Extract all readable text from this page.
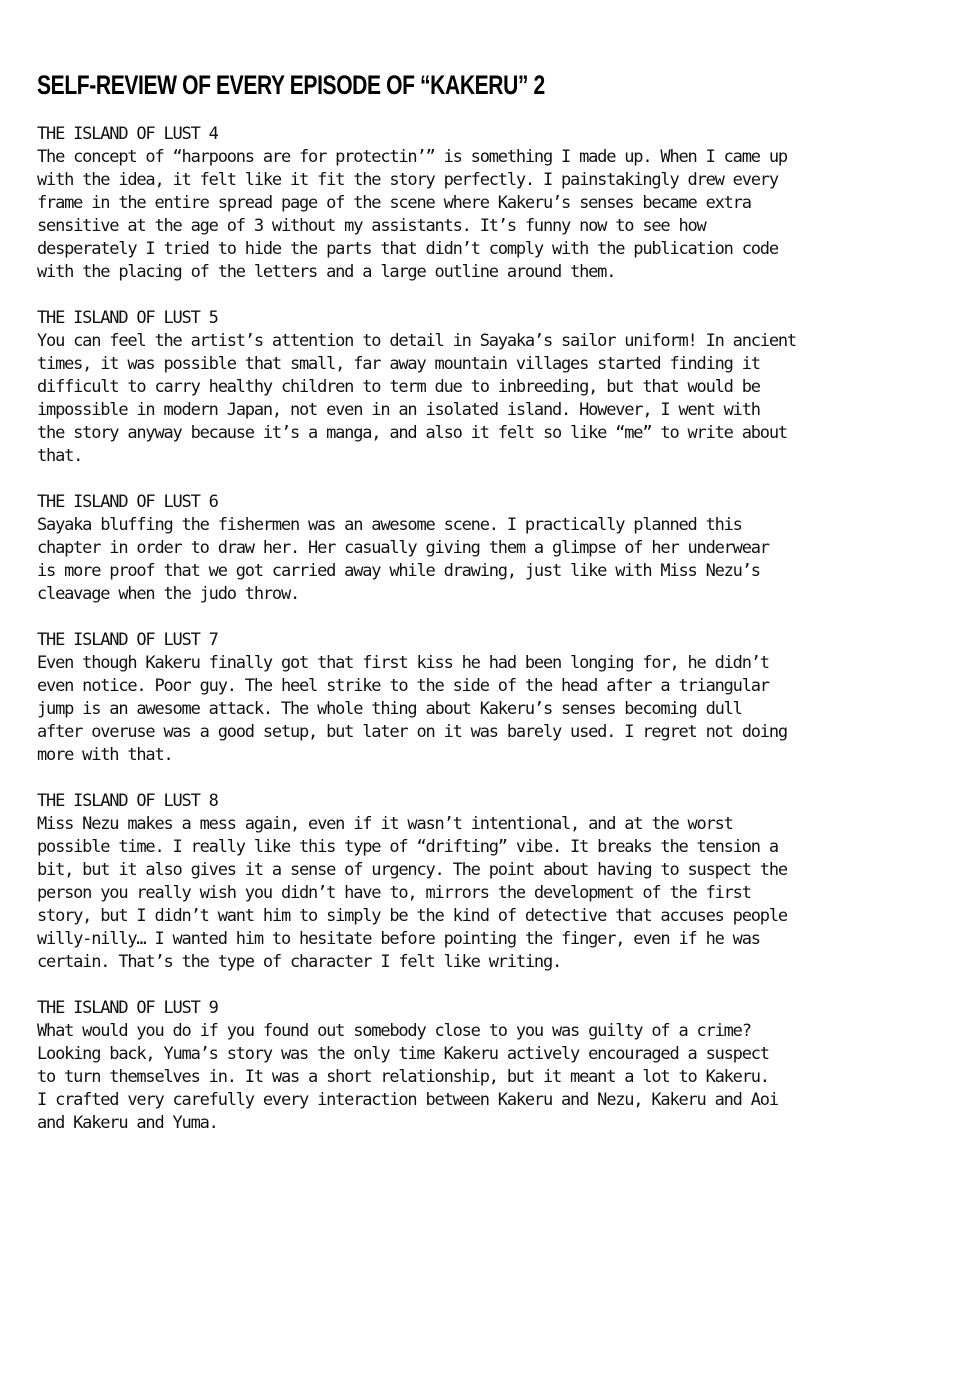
SELF-REVIEW OF EVERY EPISODE OF “KAKERU” 2
THE ISLAND OF LUST 4

The concept of “harpoons are for protectin’” is something I made up. When I came up

with the idea, it felt like it fit the story perfectly. I painstakingly drew every

frame in the entire spread page of the scene where Kakeru’s senses became extra

sensitive at the age of 3 without my assistants. It’s funny now to see how

desperately I tried to hide the parts that didn’t comply with the publication code

with the placing of the letters and a large outline around them.

THE ISLAND OF LUST 5

You can feel the artist’s attention to detail in Sayaka’s sailor uniform! In ancient

times, it was possible that small, far away mountain villages started finding it

difficult to carry healthy children to term due to inbreeding, but that would be

impossible in modern Japan, not even in an isolated island. However, I went with

the story anyway because it’s a manga, and also it felt so like “me” to write about

that.

THE ISLAND OF LUST 6

Sayaka bluffing the fishermen was an awesome scene. I practically planned this

chapter in order to draw her. Her casually giving them a glimpse of her underwear

is more proof that we got carried away while drawing, just like with Miss Nezu’s

cleavage when the judo throw.

THE ISLAND OF LUST 7

Even though Kakeru finally got that first kiss he had been longing for, he didn’t

even notice. Poor guy. The heel strike to the side of the head after a triangular

jump is an awesome attack. The whole thing about Kakeru’s senses becoming dull

after overuse was a good setup, but later on it was barely used. I regret not doing

more with that.

THE ISLAND OF LUST 8

Miss Nezu makes a mess again, even if it wasn’t intentional, and at the worst

possible time. I really like this type of “drifting” vibe. It breaks the tension a

bit, but it also gives it a sense of urgency. The point about having to suspect the

person you really wish you didn’t have to, mirrors the development of the first

story, but I didn’t want him to simply be the kind of detective that accuses people

willy-nilly… I wanted him to hesitate before pointing the finger, even if he was

certain. That’s the type of character I felt like writing.

THE ISLAND OF LUST 9

What would you do if you found out somebody close to you was guilty of a crime?

Looking back, Yuma’s story was the only time Kakeru actively encouraged a suspect

to turn themselves in. It was a short relationship, but it meant a lot to Kakeru.

I crafted very carefully every interaction between Kakeru and Nezu, Kakeru and Aoi

and Kakeru and Yuma.
